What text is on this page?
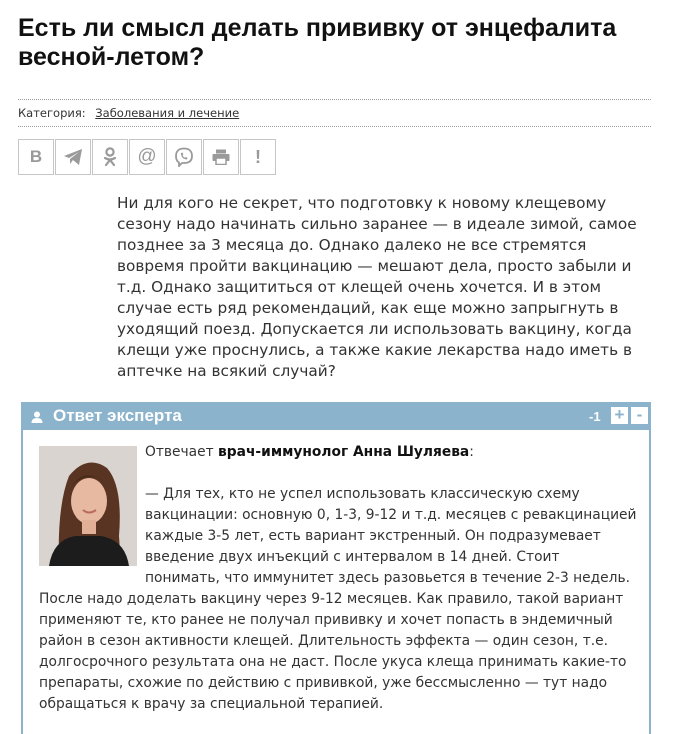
Есть ли смысл делать прививку от энцефалита весной-летом?
Категория: Заболевания и лечение
В	@	!

Ни для кого не секрет, что подготовку к новому клещевому сезону надо начинать сильно заранее — в идеале зимой, самое позднее за 3 месяца до. Однако далеко не все стремятся вовремя пройти вакцинацию — мешают дела, просто забыли и т.д. Однако защититься от клещей очень хочется. И в этом случае есть ряд рекомендаций, как еще можно запрыгнуть в уходящий поезд. Допускается ли использовать вакцину, когда клещи уже проснулись, а также какие лекарства надо иметь в аптечке на всякий случай?

Ответ эксперта	-1 + -

Отвечает врач-иммунолог Анна Шуляева:

— Для тех, кто не успел использовать классическую схему вакцинации: основную 0, 1-3, 9-12 и т.д. месяцев с ревакцинацией каждые 3-5 лет, есть вариант экстренный. Он подразумевает введение двух инъекций с интервалом в 14 дней. Стоит понимать, что иммунитет здесь разовьется в течение 2-3 недель. После надо доделать вакцину через 9-12 месяцев. Как правило, такой вариант применяют те, кто ранее не получал прививку и хочет попасть в эндемичный район в сезон активности клещей. Длительность эффекта — один сезон, т.е. долгосрочного результата она не даст. После укуса клеща принимать какие-то препараты, схожие по действию с прививкой, уже бессмысленно — тут надо обращаться к врачу за специальной терапией.
